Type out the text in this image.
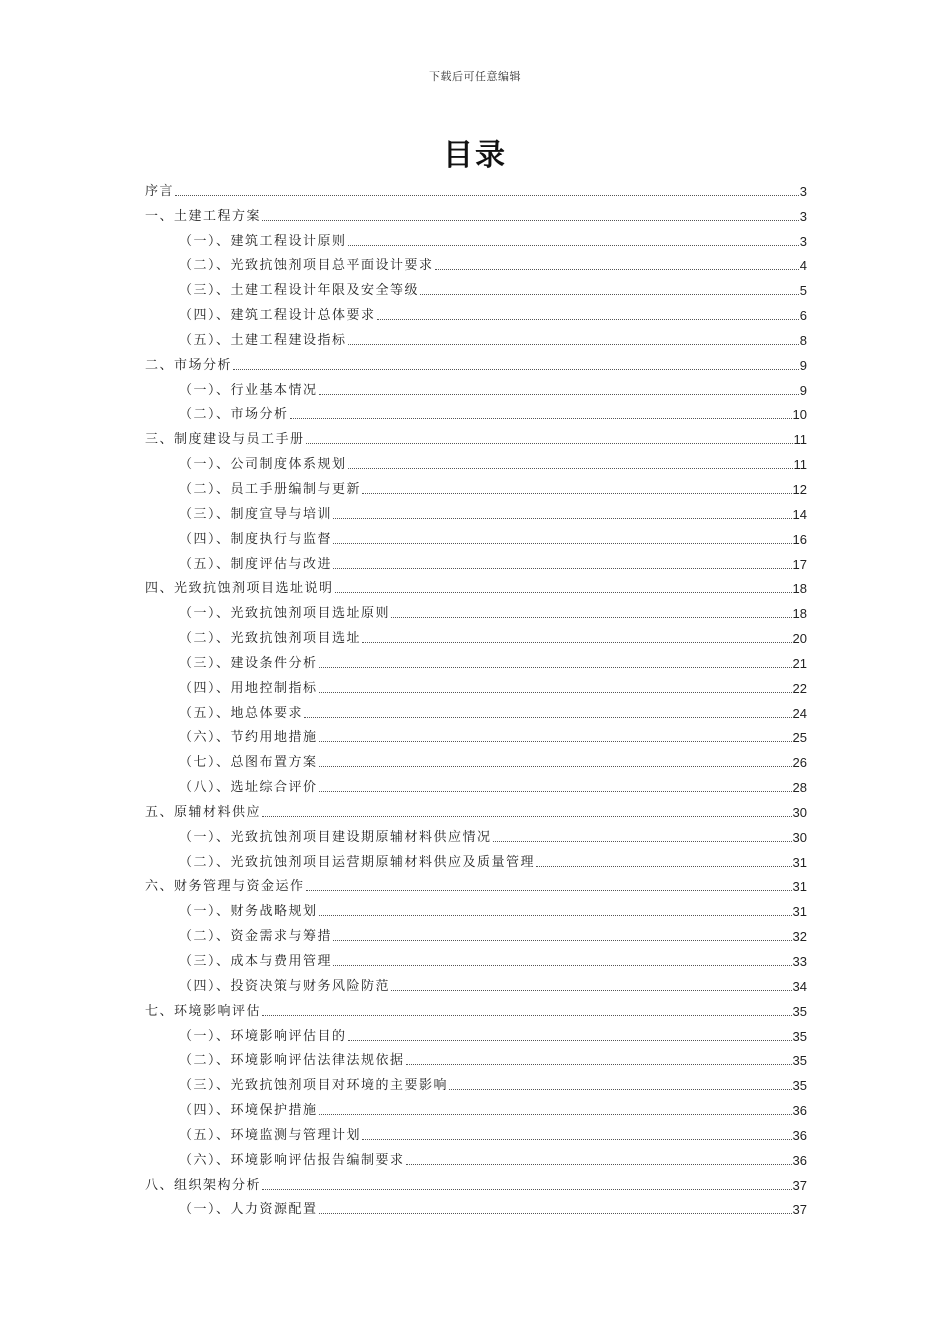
下载后可任意编辑
目录
序言	3
一、土建工程方案	3
（一）、建筑工程设计原则	3
（二）、光致抗蚀剂项目总平面设计要求	4
（三）、土建工程设计年限及安全等级	5
（四）、建筑工程设计总体要求	6
（五）、土建工程建设指标	8
二、市场分析	9
（一）、行业基本情况	9
（二）、市场分析	10
三、制度建设与员工手册	11
（一）、公司制度体系规划	11
（二）、员工手册编制与更新	12
（三）、制度宣导与培训	14
（四）、制度执行与监督	16
（五）、制度评估与改进	17
四、光致抗蚀剂项目选址说明	18
（一）、光致抗蚀剂项目选址原则	18
（二）、光致抗蚀剂项目选址	20
（三）、建设条件分析	21
（四）、用地控制指标	22
（五）、地总体要求	24
（六）、节约用地措施	25
（七）、总图布置方案	26
（八）、选址综合评价	28
五、原辅材料供应	30
（一）、光致抗蚀剂项目建设期原辅材料供应情况	30
（二）、光致抗蚀剂项目运营期原辅材料供应及质量管理	31
六、财务管理与资金运作	31
（一）、财务战略规划	31
（二）、资金需求与筹措	32
（三）、成本与费用管理	33
（四）、投资决策与财务风险防范	34
七、环境影响评估	35
（一）、环境影响评估目的	35
（二）、环境影响评估法律法规依据	35
（三）、光致抗蚀剂项目对环境的主要影响	35
（四）、环境保护措施	36
（五）、环境监测与管理计划	36
（六）、环境影响评估报告编制要求	36
八、组织架构分析	37
（一）、人力资源配置	37
